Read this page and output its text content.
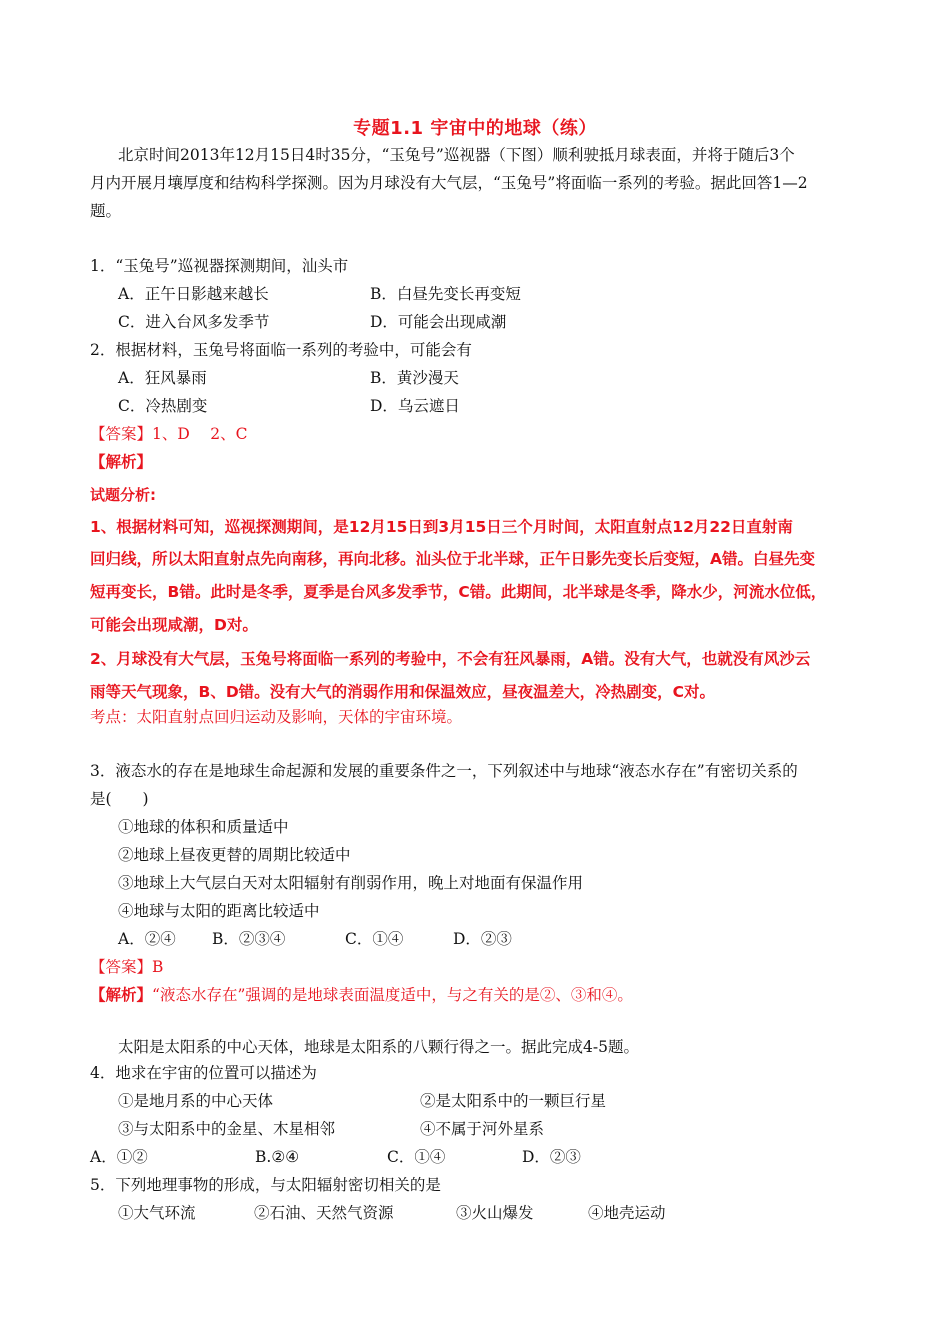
专题1.1 宇宙中的地球（练）
北京时间2013年12月15日4时35分，“玉兔号”巡视器（下图）顺利驶抵月球表面，并将于随后3个
月内开展月壤厚度和结构科学探测。因为月球没有大气层，“玉兔号”将面临一系列的考验。据此回答1—2
题。
1．“玉兔号”巡视器探测期间，汕头市
A．正午日影越来越长	B．白昼先变长再变短
C．进入台风多发季节	D．可能会出现咸潮
2．根据材料，玉兔号将面临一系列的考验中，可能会有
A．狂风暴雨	B．黄沙漫天
C．冷热剧变	D．乌云遮日
【答案】1、D　 2、C
【解析】
试题分析:
1、根据材料可知，巡视探测期间，是12月15日到3月15日三个月时间，太阳直射点12月22日直射南
回归线，所以太阳直射点先向南移，再向北移。汕头位于北半球，正午日影先变长后变短，A错。白昼先变
短再变长，B错。此时是冬季，夏季是台风多发季节，C错。此期间，北半球是冬季，降水少，河流水位低，
可能会出现咸潮，D对。
2、月球没有大气层，玉兔号将面临一系列的考验中，不会有狂风暴雨，A错。没有大气，也就没有风沙云
雨等天气现象，B、D错。没有大气的消弱作用和保温效应，昼夜温差大，冷热剧变，C对。
考点：太阳直射点回归运动及影响，天体的宇宙环境。
3．液态水的存在是地球生命起源和发展的重要条件之一，下列叙述中与地球“液态水存在”有密切关系的
是(　　)
①地球的体积和质量适中
②地球上昼夜更替的周期比较适中
③地球上大气层白天对太阳辐射有削弱作用，晚上对地面有保温作用
④地球与太阳的距离比较适中
A．②④ B．②③④	C．①④	D．②③
【答案】B
【解析】“液态水存在”强调的是地球表面温度适中，与之有关的是②、③和④。
太阳是太阳系的中心天体，地球是太阳系的八颗行得之一。据此完成4-5题。
4．地求在宇宙的位置可以描述为
①是地月系的中心天体	②是太阳系中的一颗巨行星
③与太阳系中的金星、木星相邻	④不属于河外星系
A．①②	B.②④	C．①④	D．②③
5．下列地理事物的形成，与太阳辐射密切相关的是
①大气环流	②石油、天然气资源	③火山爆发	④地壳运动
